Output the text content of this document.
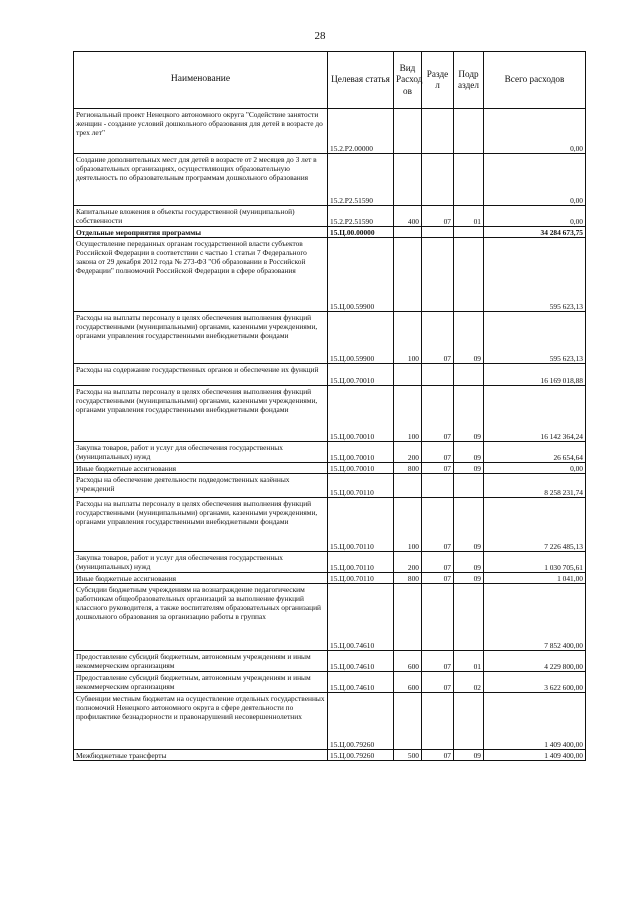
28
Наименование	Целевая статья	Вид Расход ов	Разде л	Подр аздел	Всего расходов
Региональный проект Ненецкого автономного округа "Содействие занятости женщин - создание условий дошкольного образования для детей в возрасте до трех лет"	15.2.Р2.00000				0,00
Создание дополнительных мест для детей в возрасте от 2 месяцев до 3 лет в образовательных организациях, осуществляющих образовательную деятельность по образовательным программам дошкольного образования	15.2.Р2.51590				0,00
Капитальные вложения в объекты государственной (муниципальной) собственности	15.2.Р2.51590	400	07	01	0,00
Отдельные мероприятия программы	15.Ц.00.00000				34 284 673,75
Осуществление переданных органам государственной власти субъектов Российской Федерации в соответствии с частью 1 статьи 7 Федерального закона от 29 декабря 2012 года № 273-ФЗ "Об образовании в Российской Федерации" полномочий Российской Федерации в сфере образования	15.Ц.00.59900				595 623,13
Расходы на выплаты персоналу в целях обеспечения выполнения функций государственными (муниципальными) органами, казенными учреждениями, органами управления государственными внебюджетными фондами	15.Ц.00.59900	100	07	09	595 623,13
Расходы на содержание государственных органов и обеспечение их функций	15.Ц.00.70010				16 169 018,88
Расходы на выплаты персоналу в целях обеспечения выполнения функций государственными (муниципальными) органами, казенными учреждениями, органами управления государственными внебюджетными фондами	15.Ц.00.70010	100	07	09	16 142 364,24
Закупка товаров, работ и услуг для обеспечения государственных (муниципальных) нужд	15.Ц.00.70010	200	07	09	26 654,64
Иные бюджетные ассигнования	15.Ц.00.70010	800	07	09	0,00
Расходы на обеспечение деятельности подведомственных казённых учреждений	15.Ц.00.70110				8 258 231,74
Расходы на выплаты персоналу в целях обеспечения выполнения функций государственными (муниципальными) органами, казенными учреждениями, органами управления государственными внебюджетными фондами	15.Ц.00.70110	100	07	09	7 226 485,13
Закупка товаров, работ и услуг для обеспечения государственных (муниципальных) нужд	15.Ц.00.70110	200	07	09	1 030 705,61
Иные бюджетные ассигнования	15.Ц.00.70110	800	07	09	1 041,00
Субсидии бюджетным учреждениям на вознаграждение педагогическим работникам общеобразовательных организаций за выполнение функций классного руководителя, а также воспитателям образовательных организаций дошкольного образования за организацию работы в группах	15.Ц.00.74610				7 852 400,00
Предоставление субсидий бюджетным, автономным учреждениям и иным некоммерческим организациям	15.Ц.00.74610	600	07	01	4 229 800,00
Предоставление субсидий бюджетным, автономным учреждениям и иным некоммерческим организациям	15.Ц.00.74610	600	07	02	3 622 600,00
Субвенции местным бюджетам на осуществление отдельных государственных полномочий Ненецкого автономного округа в сфере деятельности по профилактике безнадзорности и правонарушений несовершеннолетних	15.Ц.00.79260				1 409 400,00
Межбюджетные трансферты	15.Ц.00.79260	500	07	09	1 409 400,00
